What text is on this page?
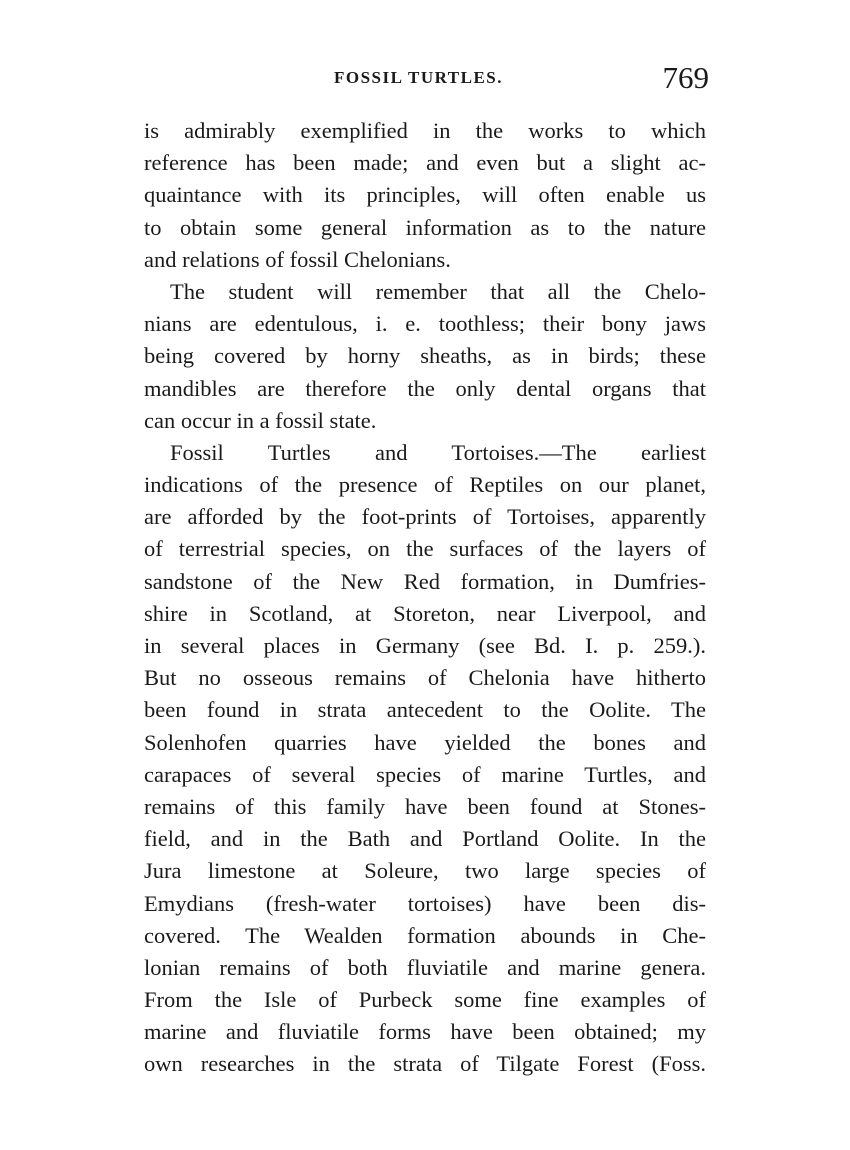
FOSSIL TURTLES.	769
is admirably exemplified in the works to which
reference has been made; and even but a slight ac-
quaintance with its principles, will often enable us
to obtain some general information as to the nature
and relations of fossil Chelonians.
The student will remember that all the Chelo-
nians are edentulous, i. e. toothless; their bony jaws
being covered by horny sheaths, as in birds; these
mandibles are therefore the only dental organs that
can occur in a fossil state.
Fossil Turtles and Tortoises.—The earliest
indications of the presence of Reptiles on our planet,
are afforded by the foot-prints of Tortoises, apparently
of terrestrial species, on the surfaces of the layers of
sandstone of the New Red formation, in Dumfries-
shire in Scotland, at Storeton, near Liverpool, and
in several places in Germany (see Bd. I. p. 259.).
But no osseous remains of Chelonia have hitherto
been found in strata antecedent to the Oolite. The
Solenhofen quarries have yielded the bones and
carapaces of several species of marine Turtles, and
remains of this family have been found at Stones-
field, and in the Bath and Portland Oolite. In the
Jura limestone at Soleure, two large species of
Emydians (fresh-water tortoises) have been dis-
covered. The Wealden formation abounds in Che-
lonian remains of both fluviatile and marine genera.
From the Isle of Purbeck some fine examples of
marine and fluviatile forms have been obtained; my
own researches in the strata of Tilgate Forest (Foss.
